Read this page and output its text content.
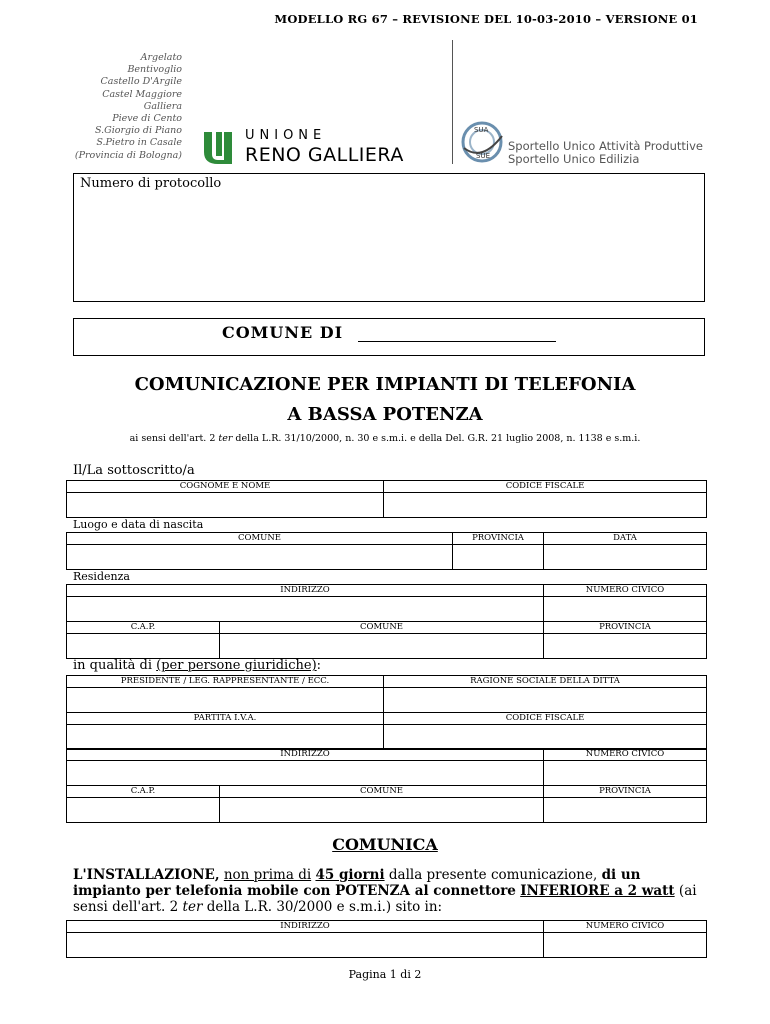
MODELLO RG 67 – REVISIONE DEL 10-03-2010 – VERSIONE 01
Argelato
Bentivoglio
Castello D'Argile
Castel Maggiore
Galliera
Pieve di Cento
S.Giorgio di Piano
S.Pietro in Casale
(Provincia di Bologna)
UNIONE
RENO GALLIERA
SUA
SUE
Sportello Unico Attività Produttive
Sportello Unico Edilizia
Numero di protocollo
COMUNE DI
COMUNICAZIONE PER IMPIANTI DI TELEFONIA
A BASSA POTENZA
ai sensi dell'art. 2 ter della L.R. 31/10/2000, n. 30 e s.m.i. e della Del. G.R. 21 luglio 2008, n. 1138 e s.m.i.
Il/La sottoscritto/a
COGNOME E NOME	CODICE FISCALE

Luogo e data di nascita
COMUNE	PROVINCIA	DATA

Residenza
INDIRIZZO	NUMERO CIVICO

C.A.P.	COMUNE	PROVINCIA

in qualità di (per persone giuridiche):
PRESIDENTE / LEG. RAPPRESENTANTE / ECC.	RAGIONE SOCIALE DELLA DITTA

PARTITA I.V.A.	CODICE FISCALE

INDIRIZZO	NUMERO CIVICO

C.A.P.	COMUNE	PROVINCIA

COMUNICA
L'INSTALLAZIONE, non prima di 45 giorni dalla presente comunicazione, di un impianto per telefonia mobile con POTENZA al connettore INFERIORE a 2 watt (ai sensi dell'art. 2 ter della L.R. 30/2000 e s.m.i.) sito in:
INDIRIZZO	NUMERO CIVICO

Pagina 1 di 2
